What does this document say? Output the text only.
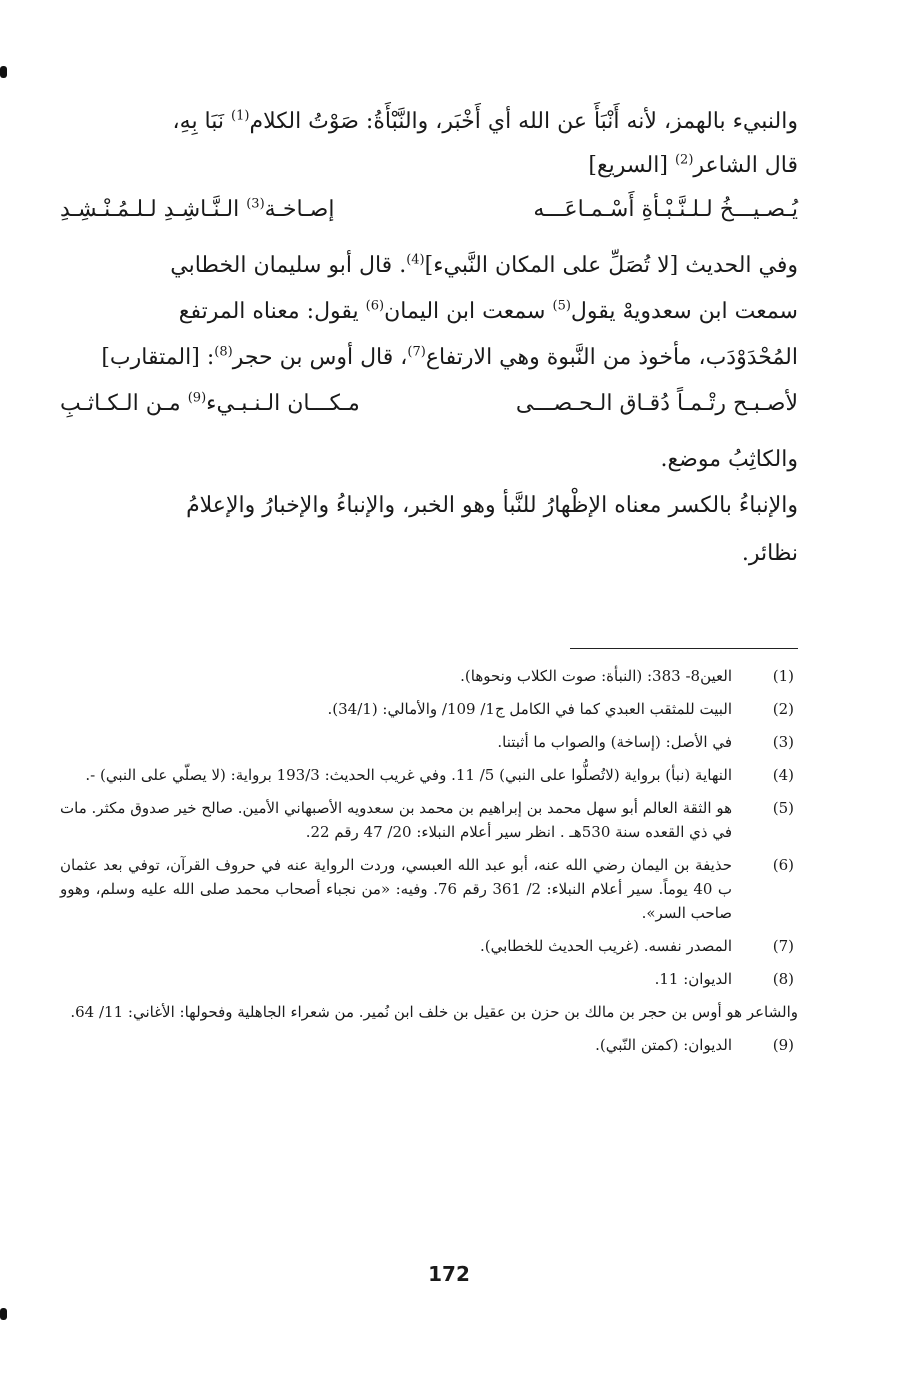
والنبيء بالهمز، لأنه أَنْبَأَ عن الله أي أَخْبَر، والنَّبْأَةُ: صَوْتُ الكلام$^{(1)}$ نَبَا بِهِ،

قال الشاعر$^{(2)}$ [السريع]

يُـصـيـــخُ لـلـنَّـبْـأةِ أَسْـمـاعَـــه
إصـاخـة$^{(3)}$ الـنَّـاشِـدِ لـلـمُـنْـشِـدِ

وفي الحديث [لا تُصَلِّ على المكان النَّبيء]$^{(4)}$. قال أبو سليمان الخطابي

سمعت ابن سعدويهْ يقول$^{(5)}$ سمعت ابن اليمان$^{(6)}$ يقول: معناه المرتفع

المُحْدَوْدَب، مأخوذ من النَّبوة وهي الارتفاع$^{(7)}$، قال أوس بن حجر$^{(8)}$: [المتقارب]

لأصـبـح رتْـمـاً دُقـاق الـحـصـــى
مـكـــان الـنـبـيء$^{(9)}$ مـن الـكـاثـبِ

والكاثِبُ موضع.

والإنباءُ بالكسر معناه الإظْهارُ للنَّبأ وهو الخبر، والإنباءُ والإخبارُ والإعلامُ

نظائر.

(1)
العين8- 383: (النبأة: صوت الكلاب ونحوها).

(2)
البيت للمثقب العبدي كما في الكامل ج1/ 109/ والأمالي: (34/1).

(3)
في الأصل: (إساخة) والصواب ما أثبتنا.

(4)
النهاية (نبأ) برواية (لاتُصلُّوا على النبي) 5/ 11. وفي غريب الحديث: 193/3 برواية: (لا يصلّي على النبي) -.

(5)
هو الثقة العالم أبو سهل محمد بن إبراهيم بن محمد بن سعدويه الأصبهاني الأمين. صالح خير صدوق مكثر. مات في ذي القعده سنة 530هـ . انظر سير أعلام النبلاء: 20/ 47 رقم 22.

(6)
حذيفة بن اليمان رضي الله عنه، أبو عبد الله العبسي، وردت الرواية عنه في حروف القرآن، توفي بعد عثمان ب 40 يوماً. سير أعلام النبلاء: 2/ 361 رقم 76. وفيه: «من نجباء أصحاب محمد صلى الله عليه وسلم، وهوو صاحب السر».

(7)
المصدر نفسه. (غريب الحديث للخطابي).

(8)
الديوان: 11.

والشاعر هو أوس بن حجر بن مالك بن حزن بن عقيل بن خلف ابن نُمير. من شعراء الجاهلية وفحولها: الأغاني: 11/ 64.

(9)
الديوان: (كمتن النّبي).

172
